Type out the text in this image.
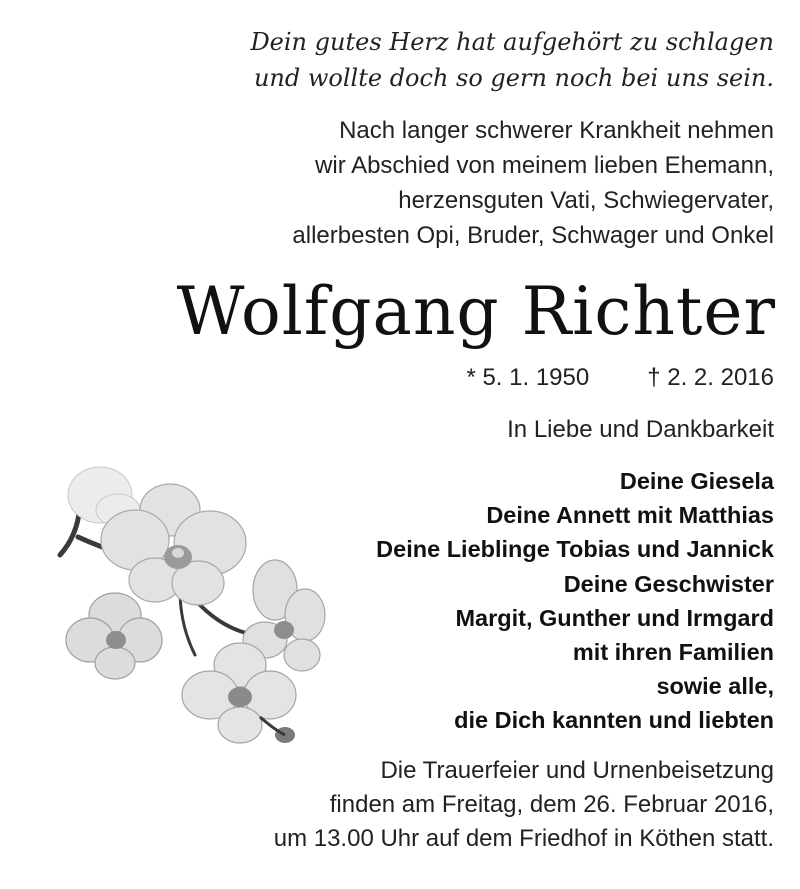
Dein gutes Herz hat aufgehört zu schlagen
und wollte doch so gern noch bei uns sein.
Nach langer schwerer Krankheit nehmen
wir Abschied von meinem lieben Ehemann,
herzensguten Vati, Schwiegervater,
allerbesten Opi, Bruder, Schwager und Onkel
Wolfgang Richter
* 5. 1. 1950 † 2. 2. 2016
In Liebe und Dankbarkeit
Deine Giesela
Deine Annett mit Matthias
Deine Lieblinge Tobias und Jannick
Deine Geschwister
Margit, Gunther und Irmgard
mit ihren Familien
sowie alle,
die Dich kannten und liebten
Die Trauerfeier und Urnenbeisetzung
finden am Freitag, dem 26. Februar 2016,
um 13.00 Uhr auf dem Friedhof in Köthen statt.
